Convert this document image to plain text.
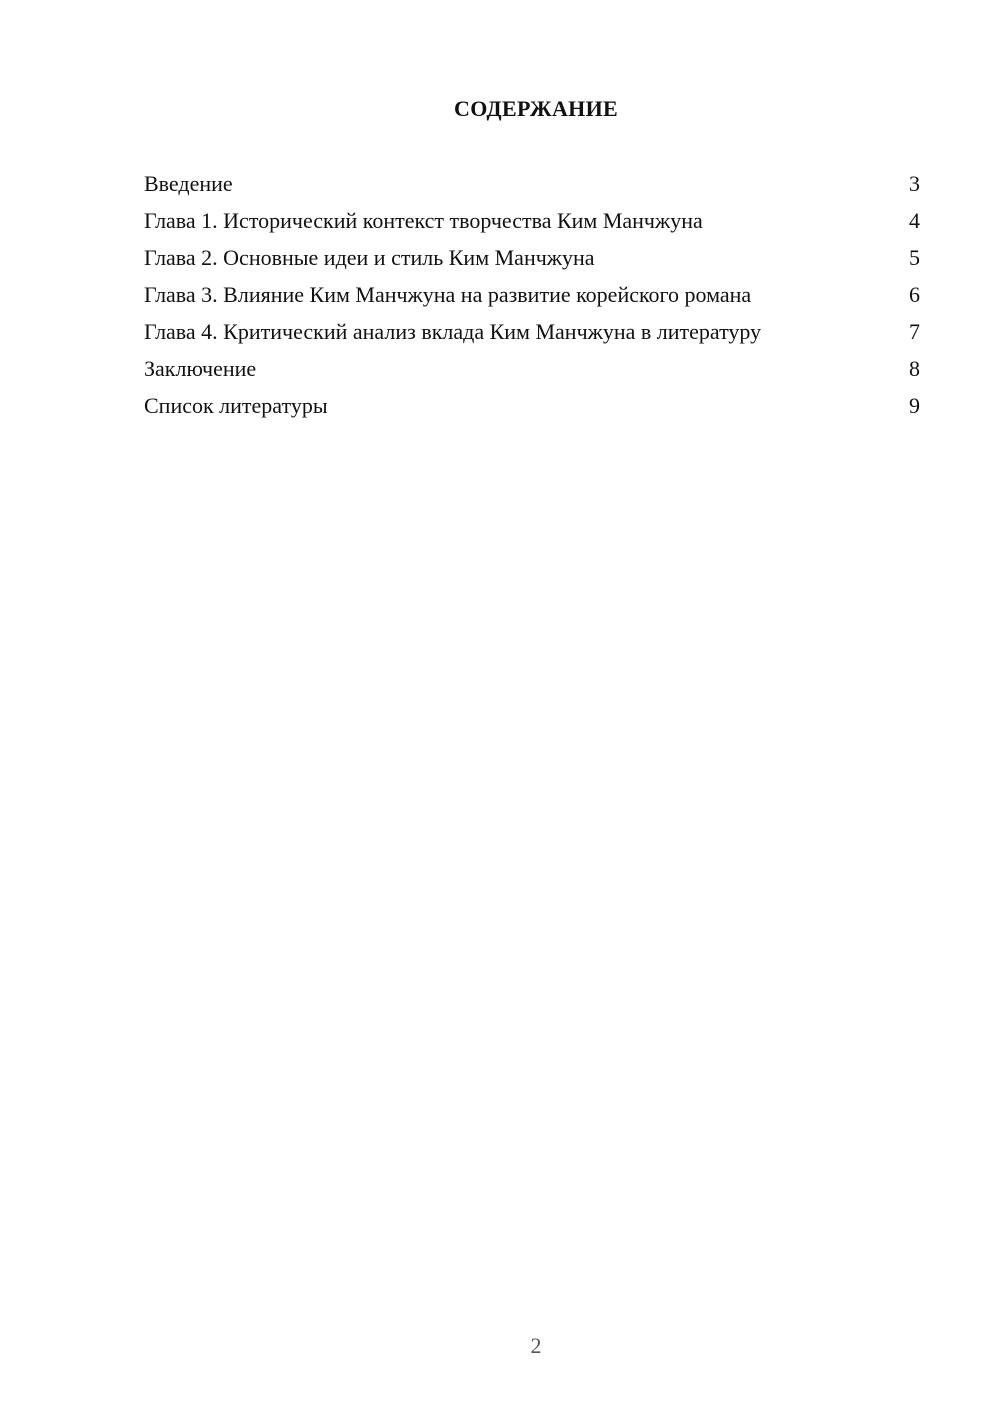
СОДЕРЖАНИЕ
Введение	3
Глава 1. Исторический контекст творчества Ким Манчжуна	4
Глава 2. Основные идеи и стиль Ким Манчжуна	5
Глава 3. Влияние Ким Манчжуна на развитие корейского романа	6
Глава 4. Критический анализ вклада Ким Манчжуна в литературу	7
Заключение	8
Список литературы	9
2
